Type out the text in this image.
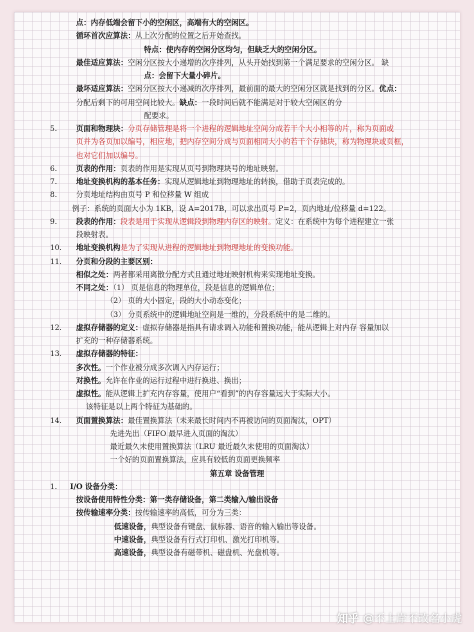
点：内存低端会留下小的空闲区，高端有大的空闲区。
循环首次应算法：从上次分配的位置之后开始查找。
特点：使内存的空闲分区均匀，但缺乏大的空闲分区。
最佳适应算法：空闲分区按大小递增的次序排列，从头开始找到第一个满足要求的空闲分区。 缺
点：会留下大量小碎片。
最坏适应算法：空闲分区按大小递减的次序排列，最前面的最大的空闲分区就是找到的分区。优点：
分配后剩下的可用空间比较大。缺点：一段时间后就不能满足对于较大空闲区的分
配要求。
5.	页面和物理块：分页存储管理是将一个进程的逻辑地址空间分成若干个大小相等的片，称为页面或
页并为各页加以编号，相应地，把内存空间分成与页面相同大小的若干个存储块，称为物理块或页框，
也对它们加以编号。
6.	页表的作用：页表的作用是实现从页号到物理块号的地址映射。
7.	地址变换机构的基本任务：实现从逻辑地址到物理地址的转换，借助于页表完成的。
8.	分页地址结构由页号 P 和位移量 W 组成
例子：系统的页面大小为 1KB，设 A=2017B，可以求出页号 P=2，页内地址/位移量 d=122。
9.	段表的作用：段表是用于实现从逻辑段到物理内存区的映射。定义：在系统中为每个进程建立一张
段映射表。
10. 地址变换机构是为了实现从进程的逻辑地址到物理地址的变换功能。
11. 分页和分段的主要区别：
相似之处：两者都采用离散分配方式且通过地址映射机构来实现地址变换。
不同之处：（1） 页是信息的物理单位，段是信息的逻辑单位；
（2） 页的大小固定，段的大小动态变化；
（3） 分页系统中的逻辑地址空间是一维的，分段系统中的是二维的。
12. 虚拟存储器的定义：虚拟存储器是指具有请求调入功能和置换功能，能从逻辑上对内存 容量加以
扩充的一种存储器系统。
13. 虚拟存储器的特征：
多次性。一个作业被分成多次调入内存运行；
对换性。允许在作业的运行过程中进行换进、换出；
虚拟性。能从逻辑上扩充内存容量，使用户“看到”的内存容量远大于实际大小。
该特征是以上两个特征为基础的。
14. 页面置换算法：最佳置换算法（未来最长时间内不再被访问的页面淘汰，OPT）
先进先出（FIFO 最早进入页面的淘汰）
最近最久未使用置换算法（LRU 最近最久未使用的页面淘汰）
一个好的页面置换算法，应具有较低的页面更换频率
第五章 设备管理
1. I/O 设备分类：
按设备使用特性分类：第一类存储设备，第二类输入/输出设备
按传输速率分类：按传输速率的高低，可分为三类：
低速设备，典型设备有键盘、鼠标器、语音的输入输出等设备。
中速设备，典型设备有行式打印机、激光打印机等。
高速设备，典型设备有磁带机、磁盘机、光盘机等。
知乎 @不上岸不改名小虎
